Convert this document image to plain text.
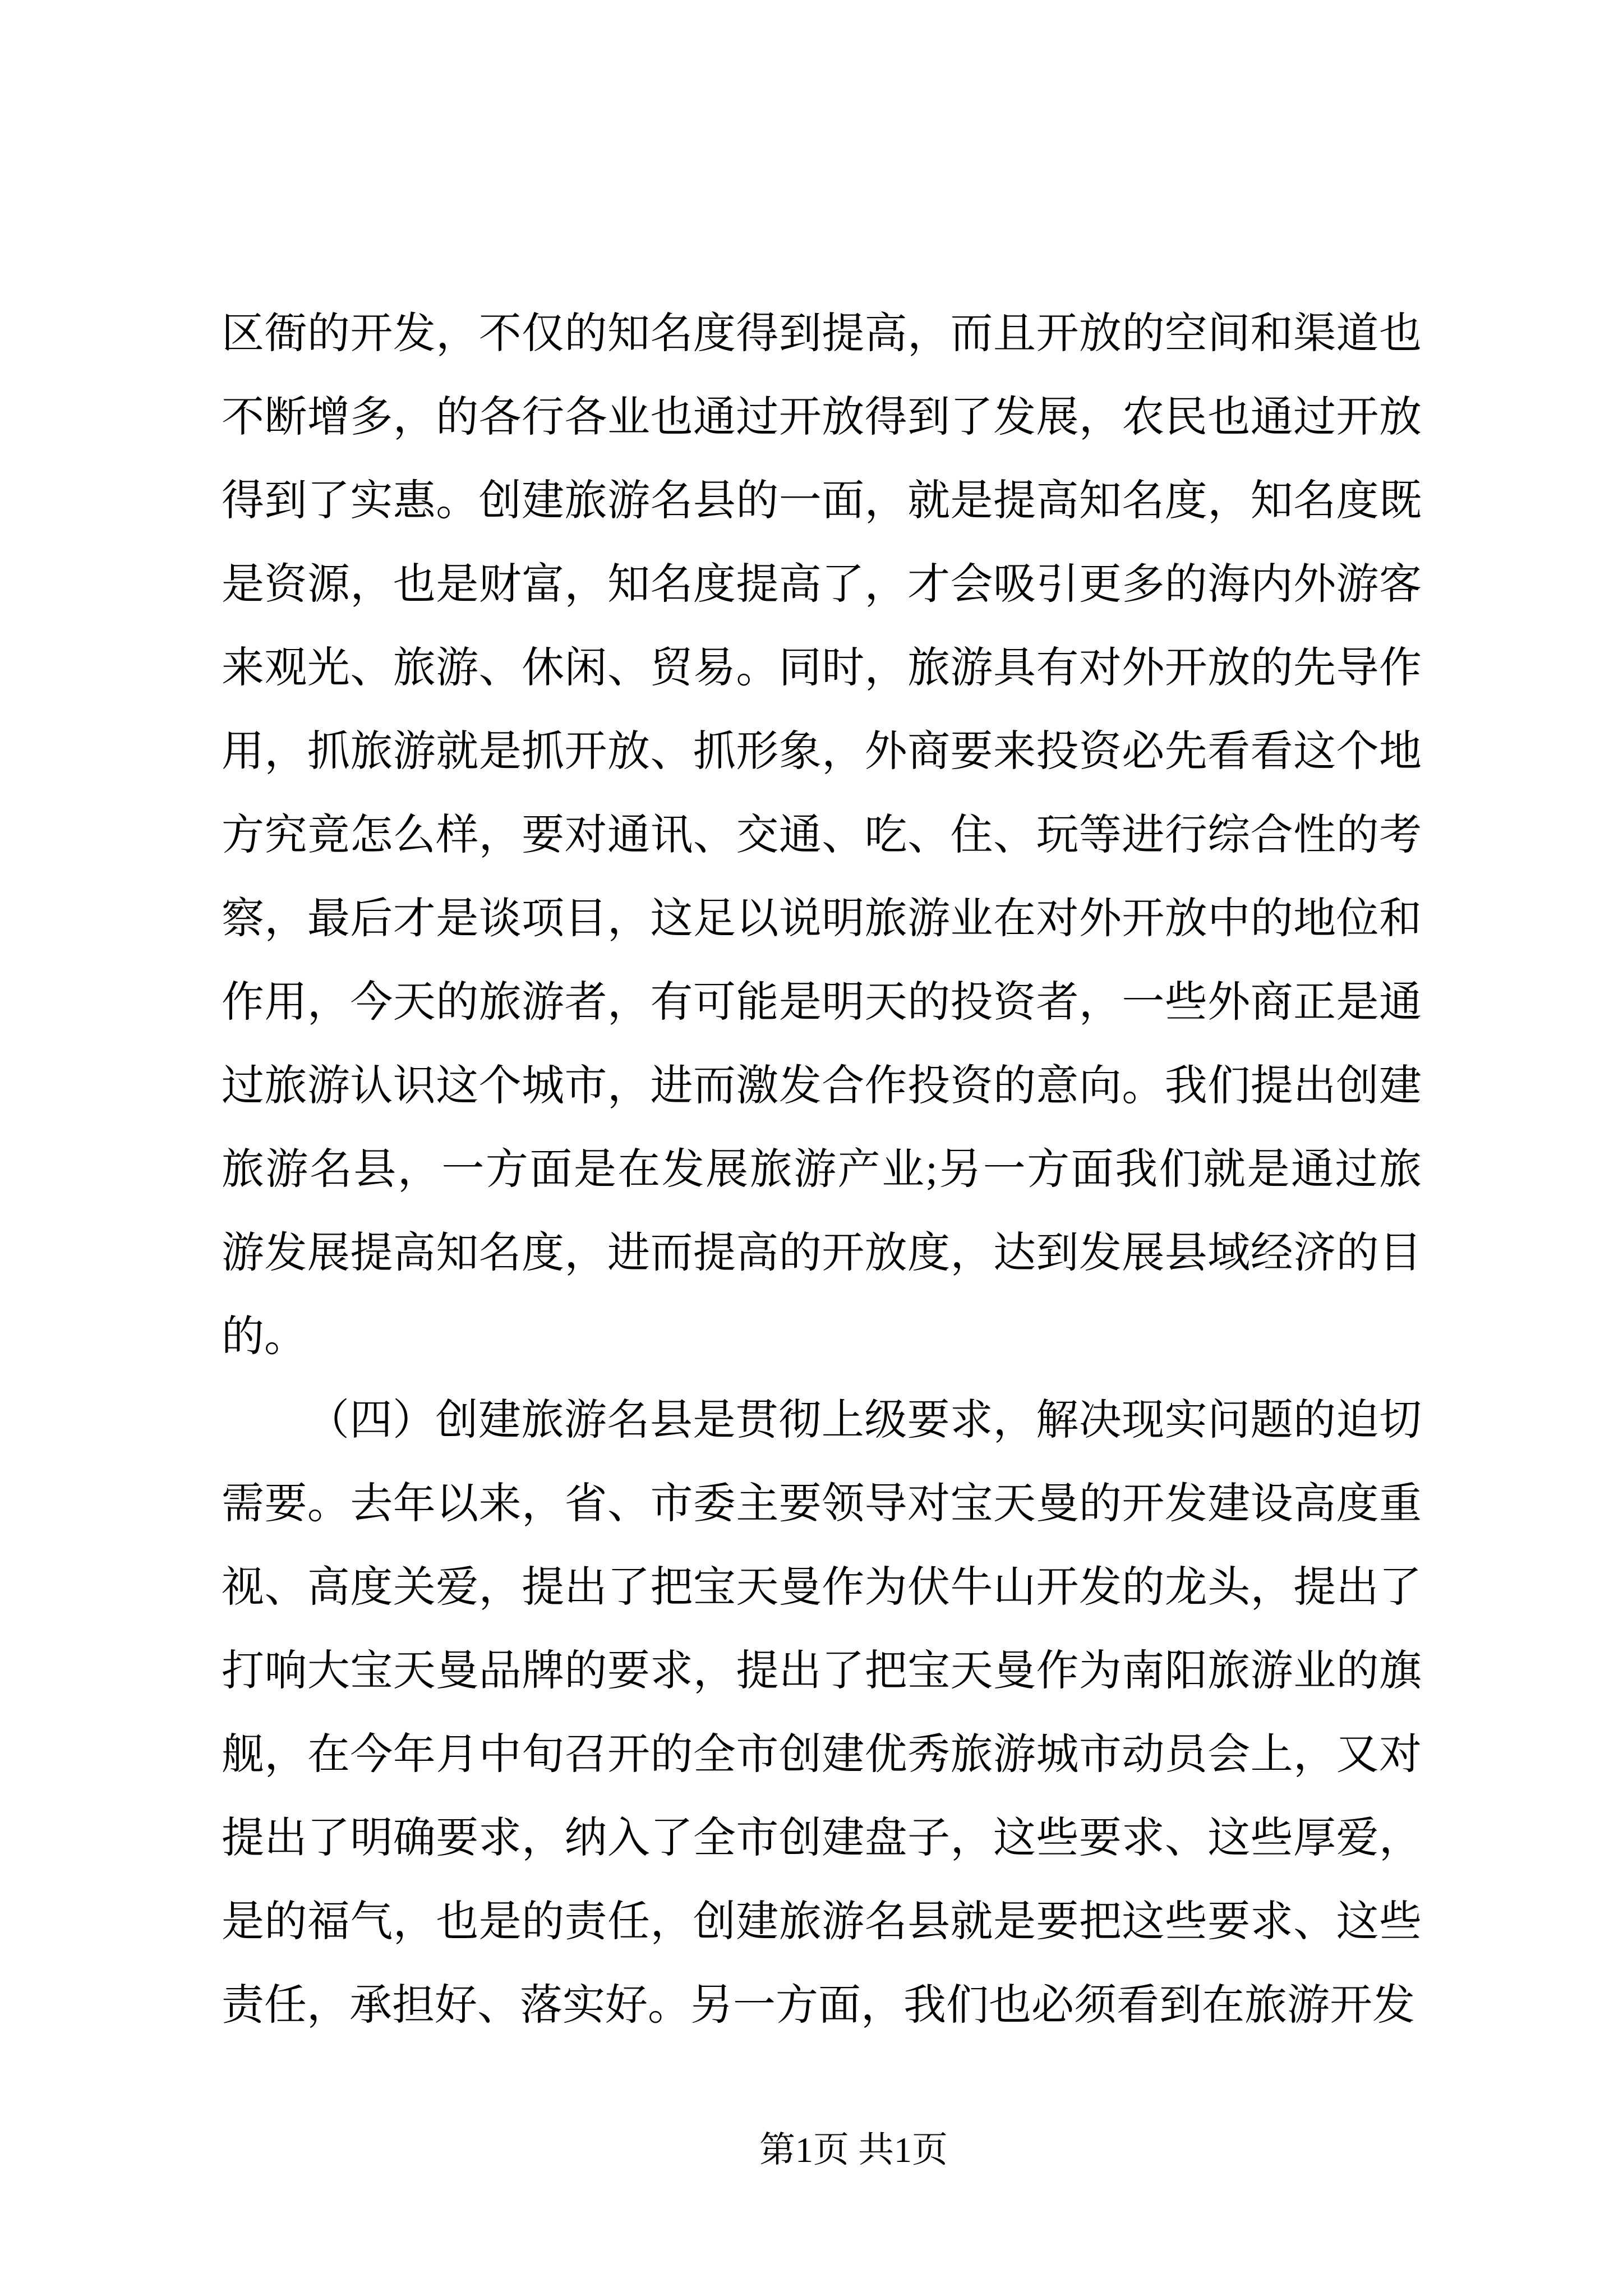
区衙的开发，不仅的知名度得到提高，而且开放的空间和渠道也
不断增多，的各行各业也通过开放得到了发展，农民也通过开放
得到了实惠。创建旅游名县的一面，就是提高知名度，知名度既
是资源，也是财富，知名度提高了，才会吸引更多的海内外游客
来观光、旅游、休闲、贸易。同时，旅游具有对外开放的先导作
用，抓旅游就是抓开放、抓形象，外商要来投资必先看看这个地
方究竟怎么样，要对通讯、交通、吃、住、玩等进行综合性的考
察，最后才是谈项目，这足以说明旅游业在对外开放中的地位和
作用，今天的旅游者，有可能是明天的投资者，一些外商正是通
过旅游认识这个城市，进而激发合作投资的意向。我们提出创建
旅游名县，一方面是在发展旅游产业;另一方面我们就是通过旅
游发展提高知名度，进而提高的开放度，达到发展县域经济的目
的。
（四）创建旅游名县是贯彻上级要求，解决现实问题的迫切
需要。去年以来，省、市委主要领导对宝天曼的开发建设高度重
视、高度关爱，提出了把宝天曼作为伏牛山开发的龙头，提出了
打响大宝天曼品牌的要求，提出了把宝天曼作为南阳旅游业的旗
舰，在今年月中旬召开的全市创建优秀旅游城市动员会上，又对
提出了明确要求，纳入了全市创建盘子，这些要求、这些厚爱，
是的福气，也是的责任，创建旅游名县就是要把这些要求、这些
责任，承担好、落实好。另一方面，我们也必须看到在旅游开发
第1页 共1页
